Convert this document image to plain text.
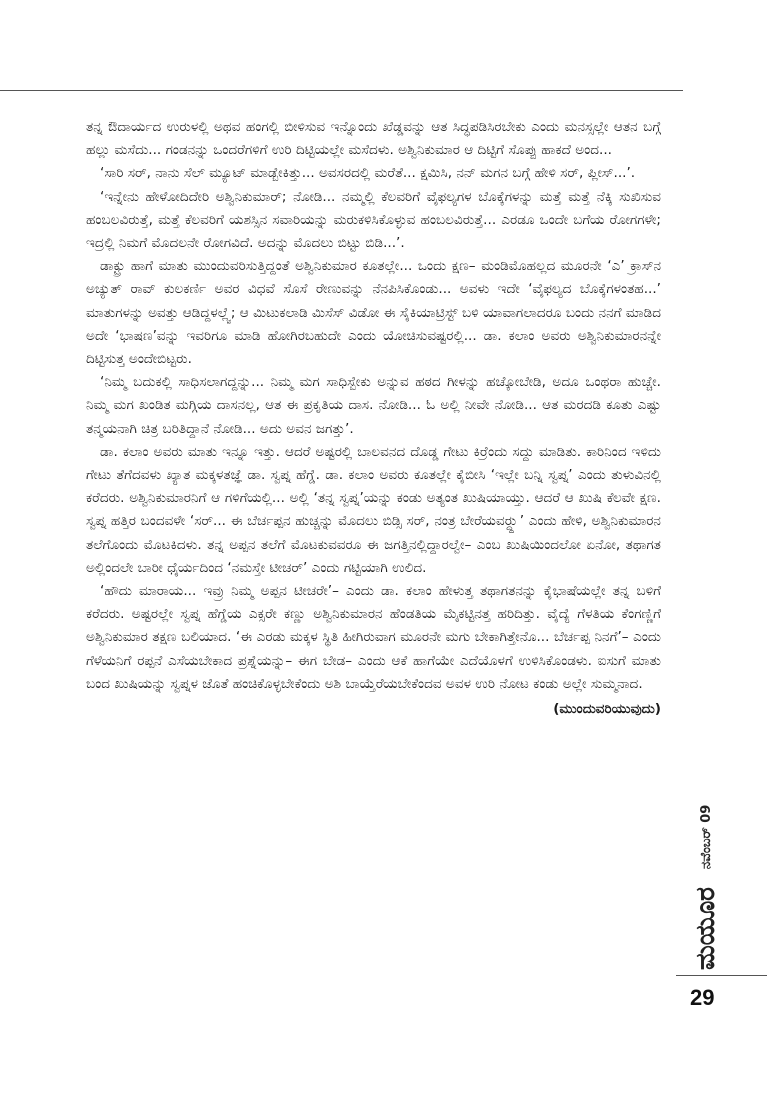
ತನ್ನ ಔದಾರ್ಯದ ಉರುಳಲ್ಲಿ ಅಥವ ಹಂಗಲ್ಲಿ ಬೀಳಿಸುವ ಇನ್ನೊಂದು ಖೆಡ್ಡವನ್ನು ಆತ ಸಿದ್ಧಪಡಿಸಿರಬೇಕು ಎಂದು ಮನಸ್ಸಲ್ಲೇ ಆತನ ಬಗ್ಗೆ ಹಲ್ಲು ಮಸೆದು... ಗಂಡನನ್ನು ಒಂದರೆಗಳಿಗೆ ಉರಿ ದಿಟ್ಟಿಯಲ್ಲೇ ಮಸೆದಳು. ಅಶ್ವಿನಿಕುಮಾರ ಆ ದಿಟ್ಟಿಗೆ ಸೊಪ್ಪು ಹಾಕದೆ ಅಂದ...

‘ಸಾರಿ ಸರ್, ನಾನು ಸೆಲ್ ಮ್ಯೂಟ್ ಮಾಡ್ಬೇಕಿತ್ತು... ಅವಸರದಲ್ಲಿ ಮರೆತೆ... ಕ್ಷಮಿಸಿ, ನನ್ ಮಗನ ಬಗ್ಗೆ ಹೇಳಿ ಸರ್, ಪ್ಲೀಸ್...’.

‘ಇನ್ನೇನು ಹೇಳೋದಿದೇರಿ ಅಶ್ವಿನಿಕುಮಾರ್; ನೋಡಿ... ನಮ್ಮಲ್ಲಿ ಕೆಲವರಿಗೆ ವೈಫಲ್ಯಗಳ ಬೊಕ್ಕೆಗಳನ್ನು ಮತ್ತೆ ಮತ್ತೆ ನೆಕ್ಕಿ ಸುಖಿಸುವ ಹಂಬಲವಿರುತ್ತೆ, ಮತ್ತೆ ಕೆಲವರಿಗೆ ಯಶಸ್ಸಿನ ಸವಾರಿಯನ್ನು ಮರುಕಳಿಸಿಕೊಳ್ಳುವ ಹಂಬಲವಿರುತ್ತೆ... ಎರಡೂ ಒಂದೇ ಬಗೆಯ ರೋಗಗಳೇ; ಇದ್ರಲ್ಲಿ ನಿಮಗೆ ಮೊದಲನೇ ರೋಗವಿದೆ. ಅದನ್ನು ಮೊದಲು ಬಿಟ್ಟು ಬಿಡಿ...’.

ಡಾಕ್ಟ್ರು ಹಾಗೆ ಮಾತು ಮುಂದುವರಿಸುತ್ತಿದ್ದಂತೆ ಅಶ್ವಿನಿಕುಮಾರ ಕೂತಲ್ಲೇ... ಒಂದು ಕ್ಷಣ– ಮಂಡಿಮೊಹಲ್ಲದ ಮೂರನೇ ‘ಎ’ ಕ್ರಾಸ್‌ನ ಅಚ್ಯುತ್ ರಾವ್ ಕುಲಕರ್ಣಿ ಅವರ ವಿಧವೆ ಸೊಸೆ ರೇಣುವನ್ನು ನೆನಪಿಸಿಕೊಂಡು... ಅವಳು ಇದೇ ‘ವೈಫಲ್ಯದ ಬೊಕ್ಕೆಗಳಂತಹ...’ ಮಾತುಗಳನ್ನು ಅವತ್ತು ಆಡಿದ್ದಳಲ್ಲ್ವೆ; ಆ ಮಿಟುಕಲಾಡಿ ಮಿಸೆಸ್ ವಿಡೋ ಈ ಸೈಕಿಯಾಟ್ರಿಸ್ಟ್ ಬಳಿ ಯಾವಾಗಲಾದರೂ ಬಂದು ನನಗೆ ಮಾಡಿದ ಅದೇ ‘ಭಾಷಣ’ವನ್ನು ಇವರಿಗೂ ಮಾಡಿ ಹೋಗಿರಬಹುದೇ ಎಂದು ಯೋಚಿಸುವಷ್ಟರಲ್ಲಿ... ಡಾ. ಕಲಾಂ ಅವರು ಅಶ್ವಿನಿಕುಮಾರನನ್ನೇ ದಿಟ್ಟಿಸುತ್ತ ಅಂದೇಬಿಟ್ಟರು.

‘ನಿಮ್ಮ ಬದುಕಲ್ಲಿ ಸಾಧಿಸಲಾಗದ್ದನ್ನು... ನಿಮ್ಮ ಮಗ ಸಾಧಿಸ್ಬೇಕು ಅನ್ನುವ ಹಠದ ಗೀಳನ್ನು ಹಚ್ಕೋಬೇಡಿ, ಅದೂ ಒಂಥರಾ ಹುಚ್ಚೇ. ನಿಮ್ಮ ಮಗ ಖಂಡಿತ ಮಗ್ಗಿಯ ದಾಸನಲ್ಲ, ಆತ ಈ ಪ್ರಕೃತಿಯ ದಾಸ. ನೋಡಿ... ಓ ಅಲ್ಲಿ ನೀವೇ ನೋಡಿ... ಆತ ಮರದಡಿ ಕೂತು ಎಷ್ಟು ತನ್ಮಯನಾಗಿ ಚಿತ್ರ ಬರಿತಿದ್ದಾನೆ ನೋಡಿ... ಅದು ಅವನ ಜಗತ್ತು’.

ಡಾ. ಕಲಾಂ ಅವರು ಮಾತು ಇನ್ನೂ ಇತ್ತು. ಆದರೆ ಅಷ್ಟರಲ್ಲಿ ಬಾಲವನದ ದೊಡ್ಡ ಗೇಟು ಕಿರ್‍ರೆಂದು ಸದ್ದು ಮಾಡಿತು. ಕಾರಿನಿಂದ ಇಳಿದು ಗೇಟು ತೆಗೆದವಳು ಖ್ಯಾತ ಮಕ್ಕಳತಜ್ಞೆ ಡಾ. ಸ್ವಪ್ನ ಹೆಗ್ಡೆ. ಡಾ. ಕಲಾಂ ಅವರು ಕೂತಲ್ಲೇ ಕೈಬೀಸಿ ‘ಇಲ್ಲೇ ಬನ್ನಿ ಸ್ವಪ್ನ’ ಎಂದು ತುಳುವಿನಲ್ಲಿ ಕರೆದರು. ಅಶ್ವಿನಿಕುಮಾರನಿಗೆ ಆ ಗಳಿಗೆಯಲ್ಲಿ... ಅಲ್ಲಿ ‘ತನ್ನ ಸ್ವಪ್ನ’ಯನ್ನು ಕಂಡು ಅತ್ಯಂತ ಖುಷಿಯಾಯ್ತು. ಆದರೆ ಆ ಖುಷಿ ಕೆಲವೇ ಕ್ಷಣ. ಸ್ವಪ್ನ ಹತ್ತಿರ ಬಂದವಳೇ ‘ಸರ್... ಈ ಬೆರ್ಚಪ್ಪನ ಹುಚ್ಚನ್ನು ಮೊದಲು ಬಿಡ್ಸಿ ಸರ್, ನಂತ್ರ ಬೇರೆಯವರ್‍ದ್ದು’ ಎಂದು ಹೇಳಿ, ಅಶ್ವಿನಿಕುಮಾರನ ತಲೆಗೊಂದು ಮೊಟಕಿದಳು. ತನ್ನ ಅಪ್ಪನ ತಲೆಗೆ ಮೊಟಕುವವರೂ ಈ ಜಗತ್ತಿನಲ್ಲಿದ್ದಾರಲ್ವೇ– ಎಂಬ ಖುಷಿಯಿಂದಲೋ ಏನೋ, ತಥಾಗತ ಅಲ್ಲಿಂದಲೇ ಬಾರೀ ಧೈರ್ಯದಿಂದ ‘ನಮಸ್ತೇ ಟೀಚರ್’ ಎಂದು ಗಟ್ಟಿಯಾಗಿ ಉಲಿದ.

‘ಹೌದು ಮಾರಾಯ... ಇವ್ರು ನಿಮ್ಮ ಅಪ್ಪನ ಟೀಚರೇ’– ಎಂದು ಡಾ. ಕಲಾಂ ಹೇಳುತ್ತ ತಥಾಗತನನ್ನು ಕೈಭಾಷೆಯಲ್ಲೇ ತನ್ನ ಬಳಿಗೆ ಕರೆದರು. ಅಷ್ಟರಲ್ಲೇ ಸ್ವಪ್ನ ಹೆಗ್ಡೆಯ ಎಕ್ಸರೇ ಕಣ್ಣು ಅಶ್ವಿನಿಕುಮಾರನ ಹೆಂಡತಿಯ ಮೈಕಟ್ಟಿನತ್ತ ಹರಿದಿತ್ತು. ವೈದ್ಯೆ ಗೆಳತಿಯ ಕೆಂಗಣ್ಣಿಗೆ ಅಶ್ವಿನಿಕುಮಾರ ತಕ್ಷಣ ಬಲಿಯಾದ. ‘ಈ ಎರಡು ಮಕ್ಕಳ ಸ್ಥಿತಿ ಹೀಗಿರುವಾಗ ಮೂರನೇ ಮಗು ಬೇಕಾಗಿತ್ತೇನೊ... ಬೆರ್ಚಪ್ಪ ನಿನಗೆ’– ಎಂದು ಗೆಳೆಯನಿಗೆ ರಪ್ಪನೆ ಎಸೆಯಬೇಕಾದ ಪ್ರಶ್ನೆಯನ್ನು– ಈಗ ಬೇಡ– ಎಂದು ಆಕೆ ಹಾಗೆಯೇ ಎದೆಯೊಳಗೆ ಉಳಿಸಿಕೊಂಡಳು. ಐಸುಗೆ ಮಾತು ಬಂದ ಖುಷಿಯನ್ನು ಸ್ವಪ್ನಳ ಜೊತೆ ಹಂಚಿಕೊಳ್ಳಬೇಕೆಂದು ಅಶಿ ಬಾಯ್ತೆರೆಯಬೇಕೆಂದವ ಅವಳ ಉರಿ ನೋಟ ಕಂಡು ಅಲ್ಲೇ ಸುಮ್ಮನಾದ.

(ಮುಂದುವರಿಯುವುದು)

ಮಯೂರ
ನವೆಂಬರ್ 09
29
